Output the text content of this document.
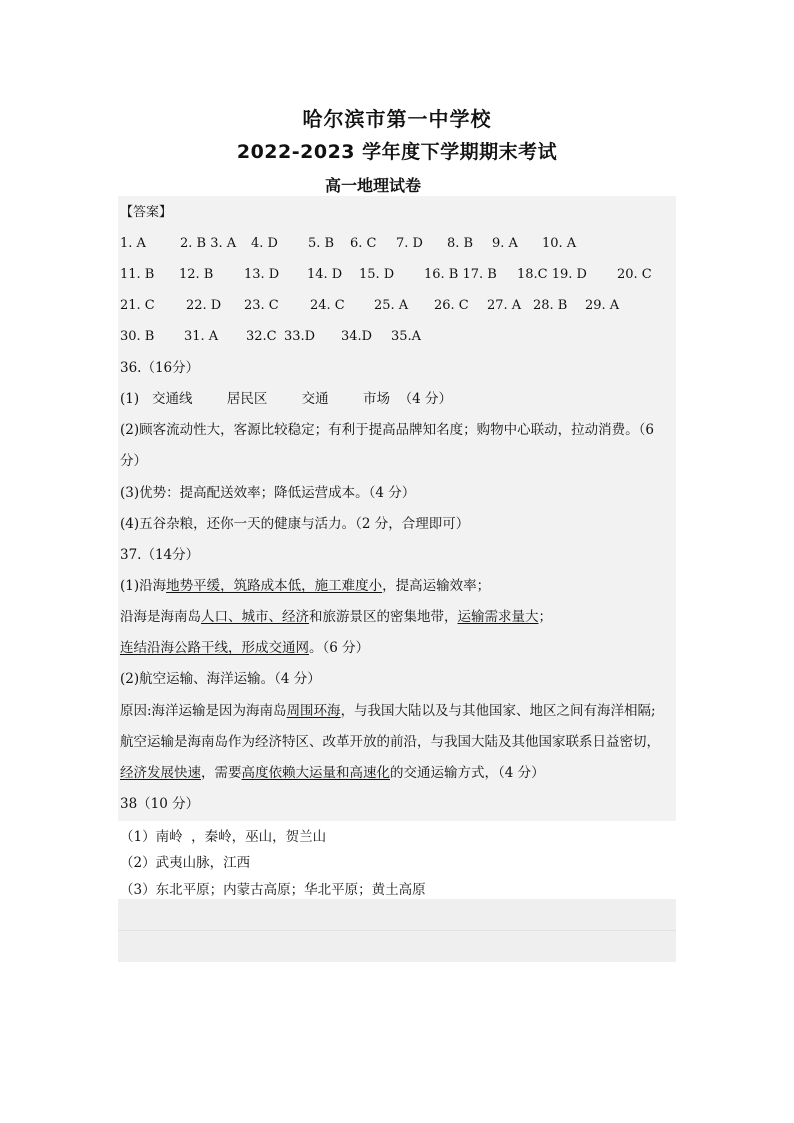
哈尔滨市第一中学校
2022-2023 学年度下学期期末考试
高一地理试卷

【答案】

1. A	2. B 3. A 4. D 5. B 6. C 7. D 8. B 9. A 10. A

11. B 12. B 13. D 14. D 15. D 16. B 17. B 18.C 19. D 20. C

21. C 22. D 23. C 24. C 25. A 26. C 27. A 28. B 29. A

30. B 31. A 32.C 33.D 34.D 35.A

36.（16分）

(1)   交通线        居民区        交通        市场  （4 分）

(2)顾客流动性大，客源比较稳定；有利于提高品牌知名度；购物中心联动，拉动消费。（6

分）

(3)优势：提高配送效率；降低运营成本。（4 分）

(4)五谷杂粮，还你一天的健康与活力。（2 分，合理即可）

37.（14分）

(1)沿海地势平缓，筑路成本低，施工难度小，提高运输效率；

沿海是海南岛人口、城市、经济和旅游景区的密集地带，运输需求量大；

连结沿海公路干线，形成交通网。（6 分）

(2)航空运输、海洋运输。（4 分）

原因:海洋运输是因为海南岛周围环海，与我国大陆以及与其他国家、地区之间有海洋相隔;

航空运输是海南岛作为经济特区、改革开放的前沿，与我国大陆及其他国家联系日益密切，

经济发展快速，需要高度依赖大运量和高速化的交通运输方式，（4 分）

38（10 分）

（1）南岭  ，秦岭，巫山，贺兰山

（2）武夷山脉，江西

（3）东北平原；内蒙古高原；华北平原；黄土高原
